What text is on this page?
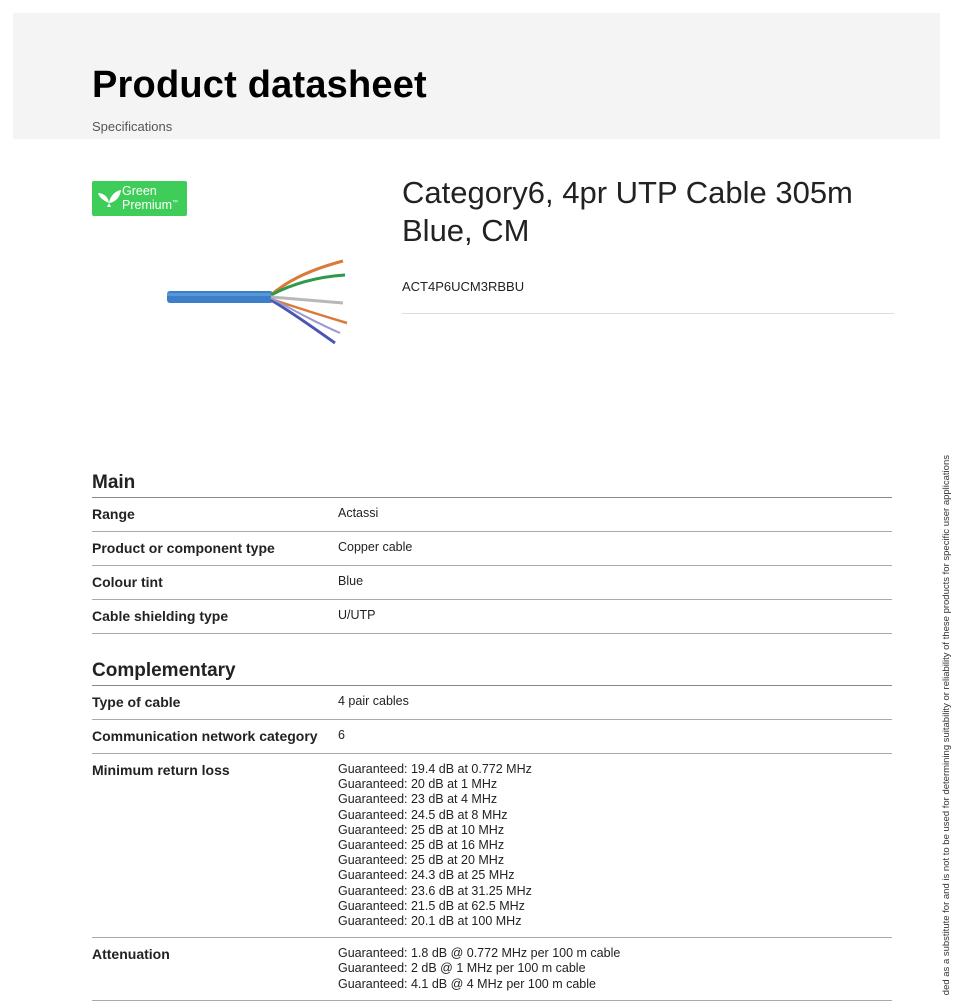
Product datasheet
Specifications
Green
Premium™	Category6, 4pr UTP Cable 305m Blue, CM
ACT4P6UCM3RBBU
Main
Range	Actassi
Product or component type	Copper cable
Colour tint	Blue
Cable shielding type	U/UTP
Complementary
Type of cable	4 pair cables
Communication network category	6
Minimum return loss	Guaranteed: 19.4 dB at 0.772 MHz
Guaranteed: 20 dB at 1 MHz
Guaranteed: 23 dB at 4 MHz
Guaranteed: 24.5 dB at 8 MHz
Guaranteed: 25 dB at 10 MHz
Guaranteed: 25 dB at 16 MHz
Guaranteed: 25 dB at 20 MHz
Guaranteed: 24.3 dB at 25 MHz
Guaranteed: 23.6 dB at 31.25 MHz
Guaranteed: 21.5 dB at 62.5 MHz
Guaranteed: 20.1 dB at 100 MHz
Attenuation	Guaranteed: 1.8 dB @ 0.772 MHz per 100 m cable
Guaranteed: 2 dB @ 1 MHz per 100 m cable
Guaranteed: 4.1 dB @ 4 MHz per 100 m cable	ded as a substitute for and is not to be used for determining suitability or reliability of these products for specific user applications
